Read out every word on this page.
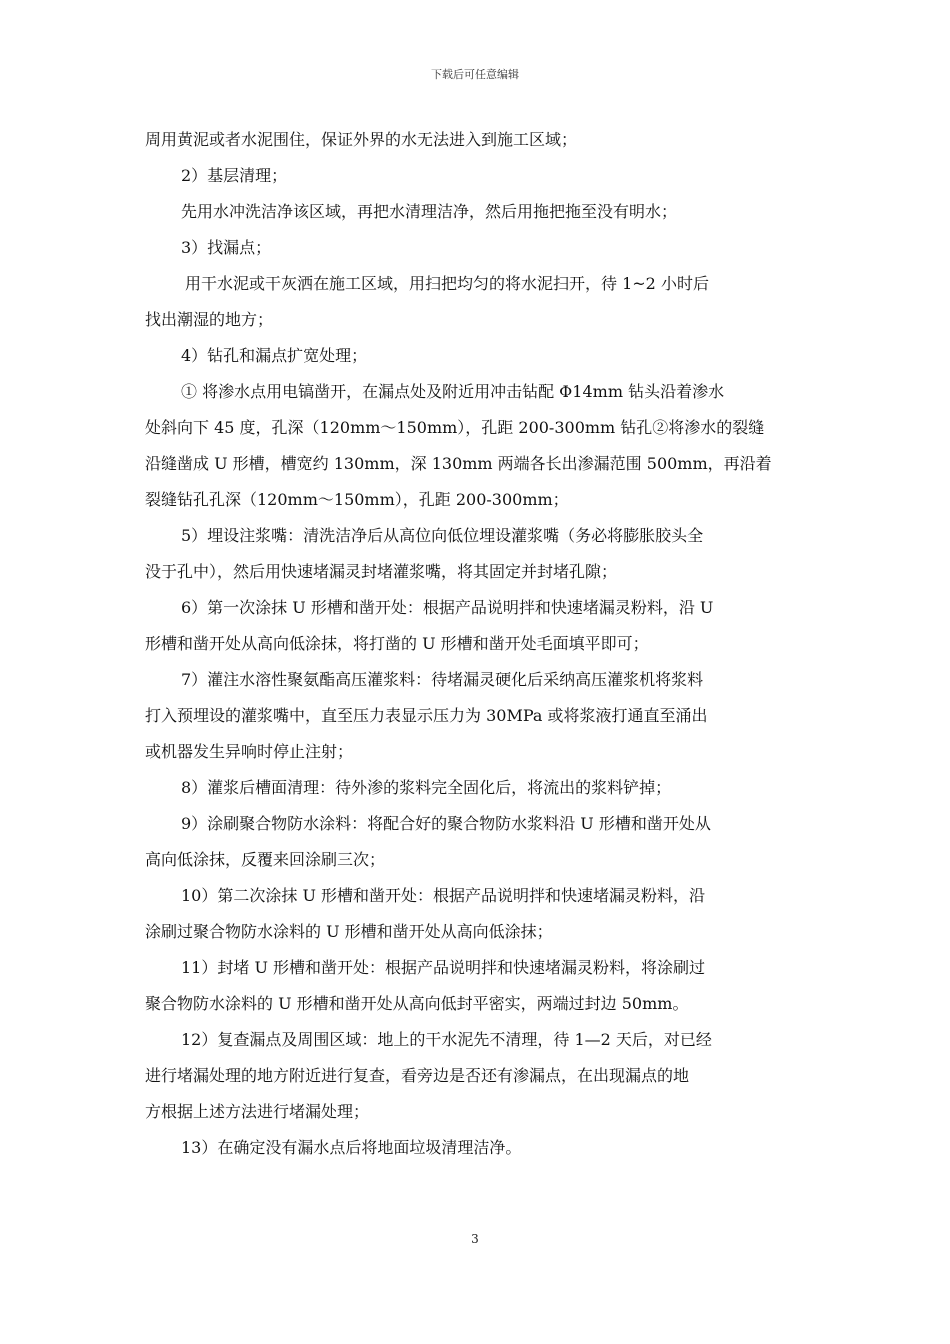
下载后可任意编辑
周用黄泥或者水泥围住，保证外界的水无法进入到施工区域；
2）基层清理；
先用水冲洗洁净该区域，再把水清理洁净，然后用拖把拖至没有明水；
3）找漏点；
用干水泥或干灰洒在施工区域，用扫把均匀的将水泥扫开，待 1~2 小时后
找出潮湿的地方；
4）钻孔和漏点扩宽处理；
① 将渗水点用电镐凿开，在漏点处及附近用冲击钻配 Φ14mm 钻头沿着渗水
处斜向下 45 度，孔深（120mm～150mm），孔距 200-300mm 钻孔②将渗水的裂缝
沿缝凿成 U 形槽，槽宽约 130mm，深 130mm 两端各长出渗漏范围 500mm，再沿着
裂缝钻孔孔深（120mm～150mm），孔距 200-300mm；
5）埋设注浆嘴：清洗洁净后从高位向低位埋设灌浆嘴（务必将膨胀胶头全
没于孔中），然后用快速堵漏灵封堵灌浆嘴，将其固定并封堵孔隙；
6）第一次涂抹 U 形槽和凿开处：根据产品说明拌和快速堵漏灵粉料，沿 U
形槽和凿开处从高向低涂抹，将打凿的 U 形槽和凿开处毛面填平即可；
7）灌注水溶性聚氨酯高压灌浆料：待堵漏灵硬化后采纳高压灌浆机将浆料
打入预埋设的灌浆嘴中，直至压力表显示压力为 30MPa 或将浆液打通直至涌出
或机器发生异响时停止注射；
8）灌浆后槽面清理：待外渗的浆料完全固化后，将流出的浆料铲掉；
9）涂刷聚合物防水涂料：将配合好的聚合物防水浆料沿 U 形槽和凿开处从
高向低涂抹，反覆来回涂刷三次；
10）第二次涂抹 U 形槽和凿开处：根据产品说明拌和快速堵漏灵粉料，沿
涂刷过聚合物防水涂料的 U 形槽和凿开处从高向低涂抹；
11）封堵 U 形槽和凿开处：根据产品说明拌和快速堵漏灵粉料，将涂刷过
聚合物防水涂料的 U 形槽和凿开处从高向低封平密实，两端过封边 50mm。
12）复查漏点及周围区域：地上的干水泥先不清理，待 1—2 天后，对已经
进行堵漏处理的地方附近进行复查，看旁边是否还有渗漏点，在出现漏点的地
方根据上述方法进行堵漏处理；
13）在确定没有漏水点后将地面垃圾清理洁净。
3
